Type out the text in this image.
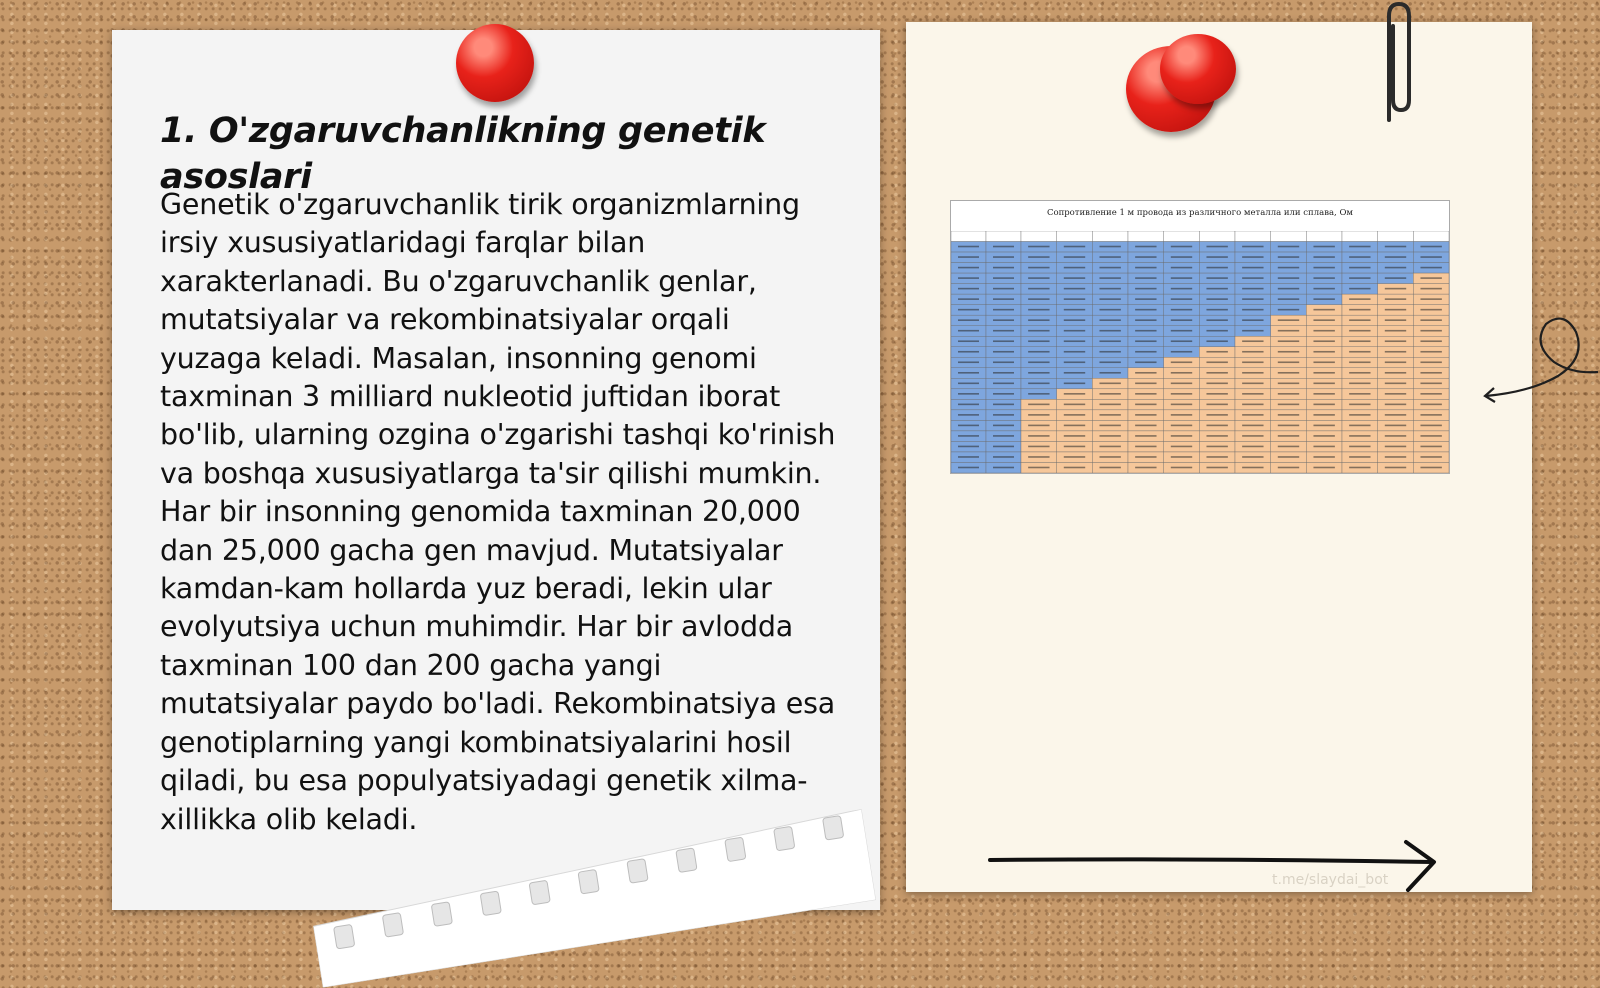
1. O'zgaruvchanlikning genetik asoslari

Genetik o'zgaruvchanlik tirik organizmlarning irsiy xususiyatlaridagi farqlar bilan xarakterlanadi. Bu o'zgaruvchanlik genlar, mutatsiyalar va rekombinatsiyalar orqali yuzaga keladi. Masalan, insonning genomi taxminan 3 milliard nukleotid juftidan iborat bo'lib, ularning ozgina o'zgarishi tashqi ko'rinish va boshqa xususiyatlarga ta'sir qilishi mumkin. Har bir insonning genomida taxminan 20,000 dan 25,000 gacha gen mavjud. Mutatsiyalar kamdan-kam hollarda yuz beradi, lekin ular evolyutsiya uchun muhimdir. Har bir avlodda taxminan 100 dan 200 gacha yangi mutatsiyalar paydo bo'ladi. Rekombinatsiya esa genotiplarning yangi kombinatsiyalarini hosil qiladi, bu esa populyatsiyadagi genetik xilma-xillikka olib keladi.

Сопротивление 1 м провода из различного металла или сплава, Ом
t.me/slaydai_bot
